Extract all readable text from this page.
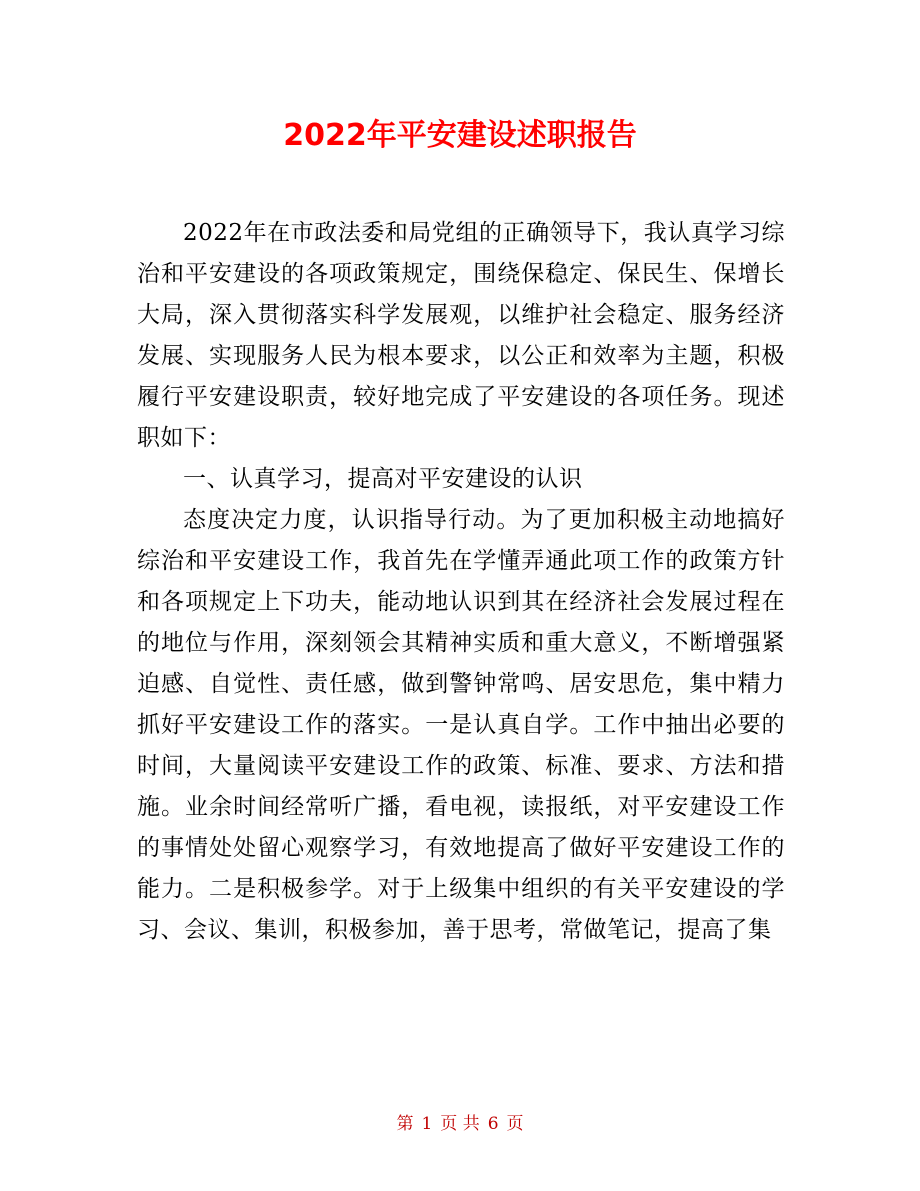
2022年平安建设述职报告

2022年在市政法委和局党组的正确领导下，我认真学习综治和平安建设的各项政策规定，围绕保稳定、保民生、保增长大局，深入贯彻落实科学发展观，以维护社会稳定、服务经济发展、实现服务人民为根本要求，以公正和效率为主题，积极履行平安建设职责，较好地完成了平安建设的各项任务。现述职如下：

一、认真学习，提高对平安建设的认识

态度决定力度，认识指导行动。为了更加积极主动地搞好综治和平安建设工作，我首先在学懂弄通此项工作的政策方针和各项规定上下功夫，能动地认识到其在经济社会发展过程在的地位与作用，深刻领会其精神实质和重大意义，不断增强紧迫感、自觉性、责任感，做到警钟常鸣、居安思危，集中精力抓好平安建设工作的落实。一是认真自学。工作中抽出必要的时间，大量阅读平安建设工作的政策、标准、要求、方法和措施。业余时间经常听广播，看电视，读报纸，对平安建设工作的事情处处留心观察学习，有效地提高了做好平安建设工作的能力。二是积极参学。对于上级集中组织的有关平安建设的学习、会议、集训，积极参加，善于思考，常做笔记，提高了集

第 1 页 共 6 页
